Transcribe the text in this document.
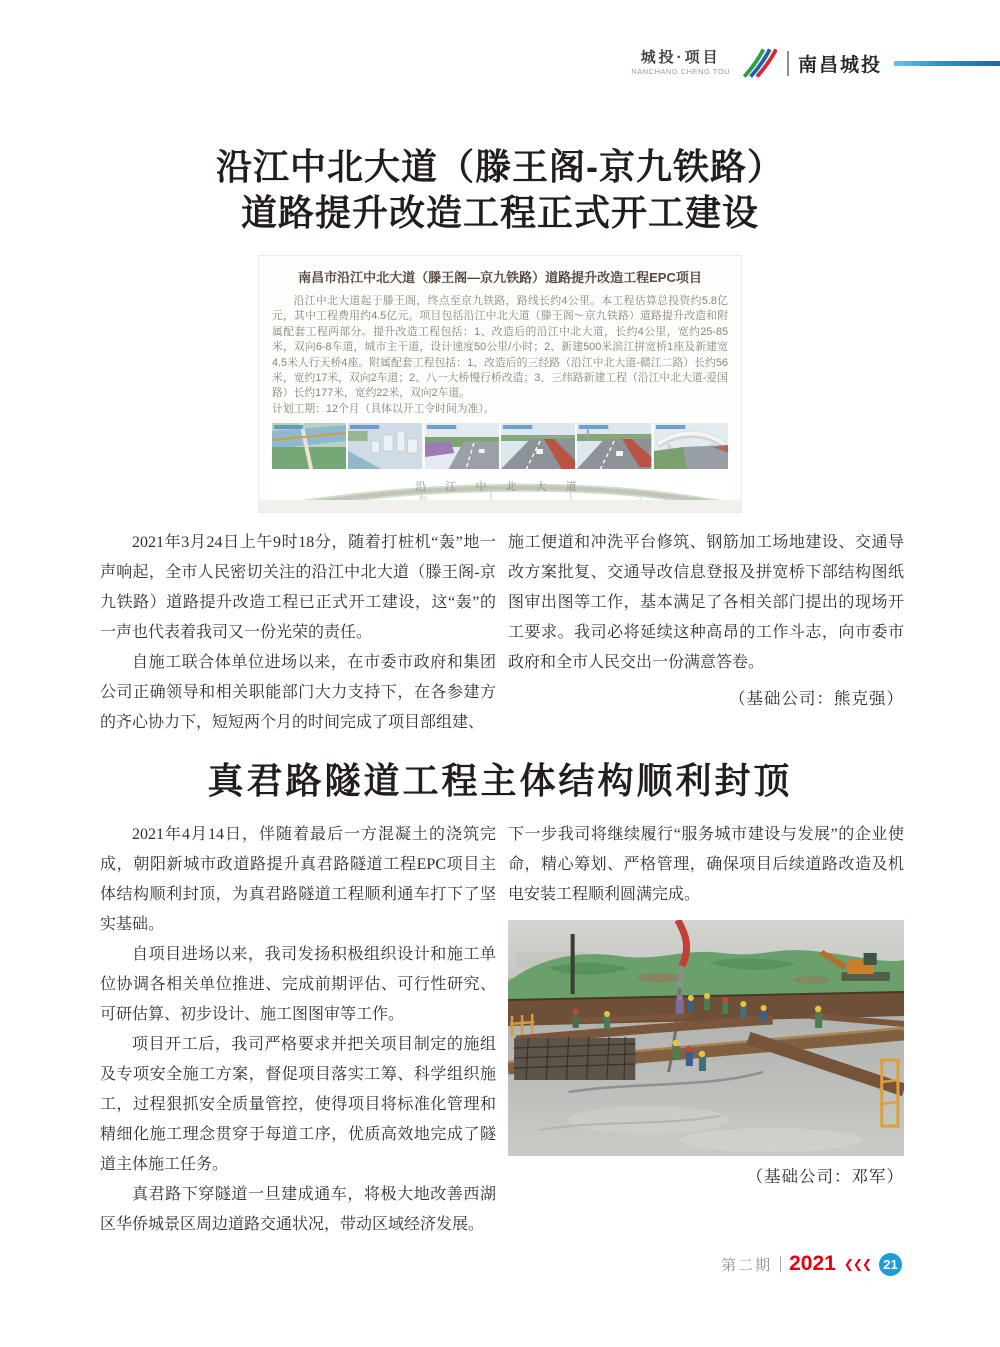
城投·项目
NANCHANG CHENG TOU	南昌城投
沿江中北大道（滕王阁-京九铁路）
道路提升改造工程正式开工建设
南昌市沿江中北大道（滕王阁—京九铁路）道路提升改造工程EPC项目
沿江中北大道起于滕王阁，终点至京九铁路，路线长约4公里。本工程估算总投资约5.8亿元，其中工程费用约4.5亿元。项目包括沿江中北大道（滕王阁～京九铁路）道路提升改造和附属配套工程两部分。提升改造工程包括：1、改造后的沿江中北大道，长约4公里，宽约25-85米，双向6-8车道，城市主干道，设计速度50公里/小时；2、新建500米滨江拼宽桥1座及新建宽4.5米人行天桥4座。附属配套工程包括：1、改造后的三经路（沿江中北大道-赣江二路）长约56米，宽约17米，双向2车道；2、八一大桥慢行桥改造；3、三纬路新建工程（沿江中北大道-爱国路）长约177米，宽约22米，双向2车道。
计划工期：12个月（具体以开工令时间为准）。
沿 江 中 北 大 道

2021年3月24日上午9时18分，随着打桩机“轰”地一声响起，全市人民密切关注的沿江中北大道（滕王阁-京九铁路）道路提升改造工程已正式开工建设，这“轰”的一声也代表着我司又一份光荣的责任。

自施工联合体单位进场以来，在市委市政府和集团公司正确领导和相关职能部门大力支持下，在各参建方的齐心协力下，短短两个月的时间完成了项目部组建、

施工便道和冲洗平台修筑、钢筋加工场地建设、交通导改方案批复、交通导改信息登报及拼宽桥下部结构图纸图审出图等工作，基本满足了各相关部门提出的现场开工要求。我司必将延续这种高昂的工作斗志，向市委市政府和全市人民交出一份满意答卷。

（基础公司：熊克强）
真君路隧道工程主体结构顺利封顶

2021年4月14日，伴随着最后一方混凝土的浇筑完成，朝阳新城市政道路提升真君路隧道工程EPC项目主体结构顺利封顶，为真君路隧道工程顺利通车打下了坚实基础。

自项目进场以来，我司发扬积极组织设计和施工单位协调各相关单位推进、完成前期评估、可行性研究、可研估算、初步设计、施工图图审等工作。

项目开工后，我司严格要求并把关项目制定的施组及专项安全施工方案，督促项目落实工筹、科学组织施工，过程狠抓安全质量管控，使得项目将标准化管理和精细化施工理念贯穿于每道工序，优质高效地完成了隧道主体施工任务。

真君路下穿隧道一旦建成通车，将极大地改善西湖区华侨城景区周边道路交通状况，带动区域经济发展。

下一步我司将继续履行“服务城市建设与发展”的企业使命，精心筹划、严格管理，确保项目后续道路改造及机电安装工程顺利圆满完成。

（基础公司：邓军）
第二期 2021 ❮❮❮ 21
